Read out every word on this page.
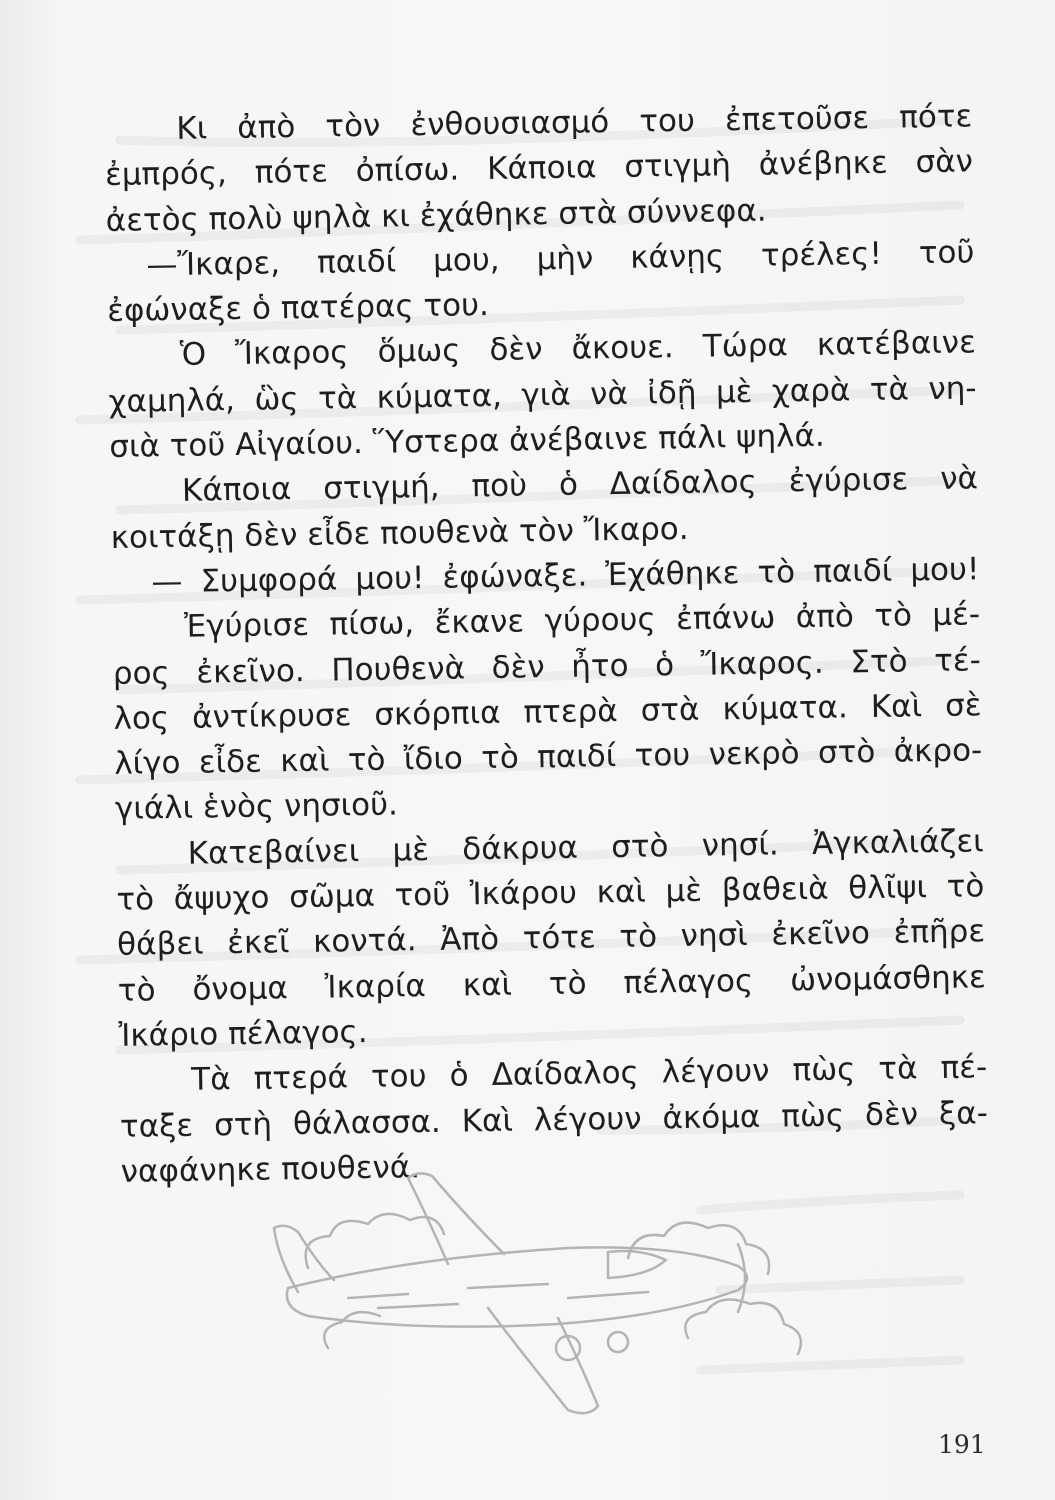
Κι ἀπὸ τὸν ἐνθουσιασμό του ἐπετοῦσε πότε
ἐμπρός, πότε ὀπίσω. Κάποια στιγμὴ ἀνέβηκε σὰν
ἀετὸς πολὺ ψηλὰ κι ἐχάθηκε στὰ σύννεφα.
—Ἴκαρε, παιδί μου, μὴν κάνῃς τρέλες! τοῦ
ἐφώναξε ὁ πατέρας του.
Ὁ Ἴκαρος ὅμως δὲν ἄκουε. Τώρα κατέβαινε
χαμηλά, ὣς τὰ κύματα, γιὰ νὰ ἰδῇ μὲ χαρὰ τὰ νη-
σιὰ τοῦ Αἰγαίου. Ὕστερα ἀνέβαινε πάλι ψηλά.
Κάποια στιγμή, ποὺ ὁ Δαίδαλος ἐγύρισε νὰ
κοιτάξῃ δὲν εἶδε πουθενὰ τὸν Ἴκαρο.
— Συμφορά μου! ἐφώναξε. Ἐχάθηκε τὸ παιδί μου!
Ἐγύρισε πίσω, ἔκανε γύρους ἐπάνω ἀπὸ τὸ μέ-
ρος ἐκεῖνο. Πουθενὰ δὲν ἦτο ὁ Ἴκαρος. Στὸ τέ-
λος ἀντίκρυσε σκόρπια πτερὰ στὰ κύματα. Καὶ σὲ
λίγο εἶδε καὶ τὸ ἴδιο τὸ παιδί του νεκρὸ στὸ ἀκρο-
γιάλι ἑνὸς νησιοῦ.
Κατεβαίνει μὲ δάκρυα στὸ νησί. Ἀγκαλιάζει
τὸ ἄψυχο σῶμα τοῦ Ἰκάρου καὶ μὲ βαθειὰ θλῖψι τὸ
θάβει ἐκεῖ κοντά. Ἀπὸ τότε τὸ νησὶ ἐκεῖνο ἐπῆρε
τὸ ὄνομα Ἰκαρία καὶ τὸ πέλαγος ὠνομάσθηκε
Ἰκάριο πέλαγος.
Τὰ πτερά του ὁ Δαίδαλος λέγουν πὼς τὰ πέ-
ταξε στὴ θάλασσα. Καὶ λέγουν ἀκόμα πὼς δὲν ξα-
ναφάνηκε πουθενά.
191
